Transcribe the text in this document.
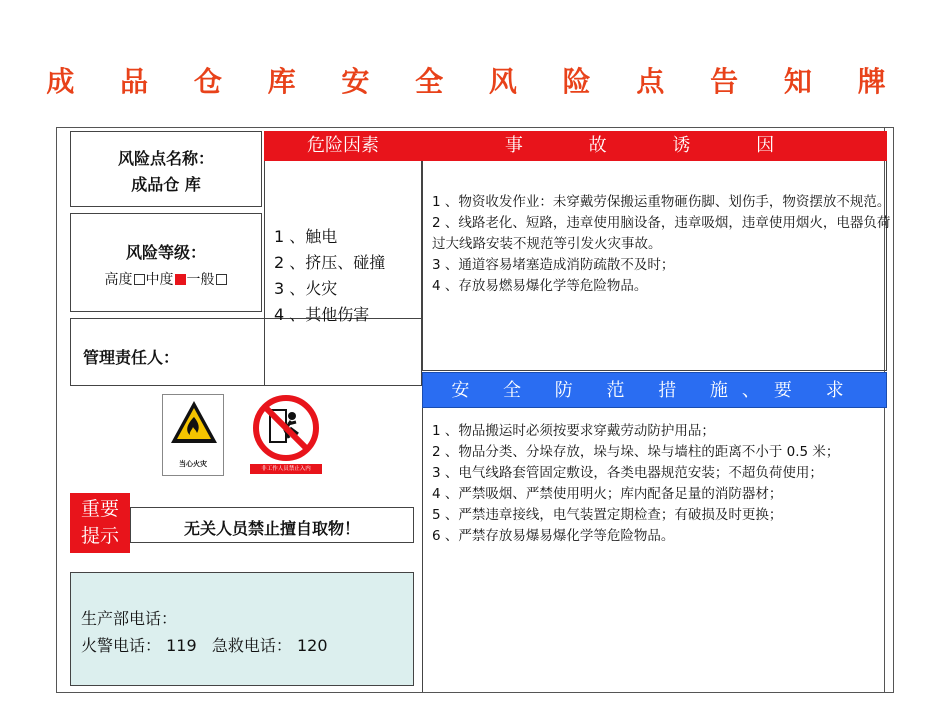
成 品 仓 库 安 全 风 险 点 告 知 牌
风险点名称：
成品仓 库
风险等级：
高度 中度 一般
管理责任人：
危险因素
1 、触电
2 、挤压、碰撞
3 、火灾
4 、其他伤害
事 故 诱 因
1 、物资收发作业：未穿戴劳保搬运重物砸伤脚、划伤手，物资摆放不规范。
2 、线路老化、短路，违章使用脑设备，违章吸烟，违章使用烟火，电器负荷过大线路安装不规范等引发火灾事故。
3 、通道容易堵塞造成消防疏散不及时；
4 、存放易燃易爆化学等危险物品。
安 全 防 范 措 施、要 求
1 、物品搬运时必须按要求穿戴劳动防护用品；
2 、物品分类、分垛存放，垛与垛、垛与墙柱的距离不小于 0.5 米；
3 、电气线路套管固定敷设，各类电器规范安装；不超负荷使用；
4 、严禁吸烟、严禁使用明火；库内配备足量的消防器材；
5 、严禁违章接线，电气装置定期检查；有破损及时更换；
6 、严禁存放易爆易爆化学等危险物品。
当心火灾
非工作人员禁止入内
重要提示	无关人员禁止擅自取物！
生产部电话：
火警电话： 119   急救电话： 120
